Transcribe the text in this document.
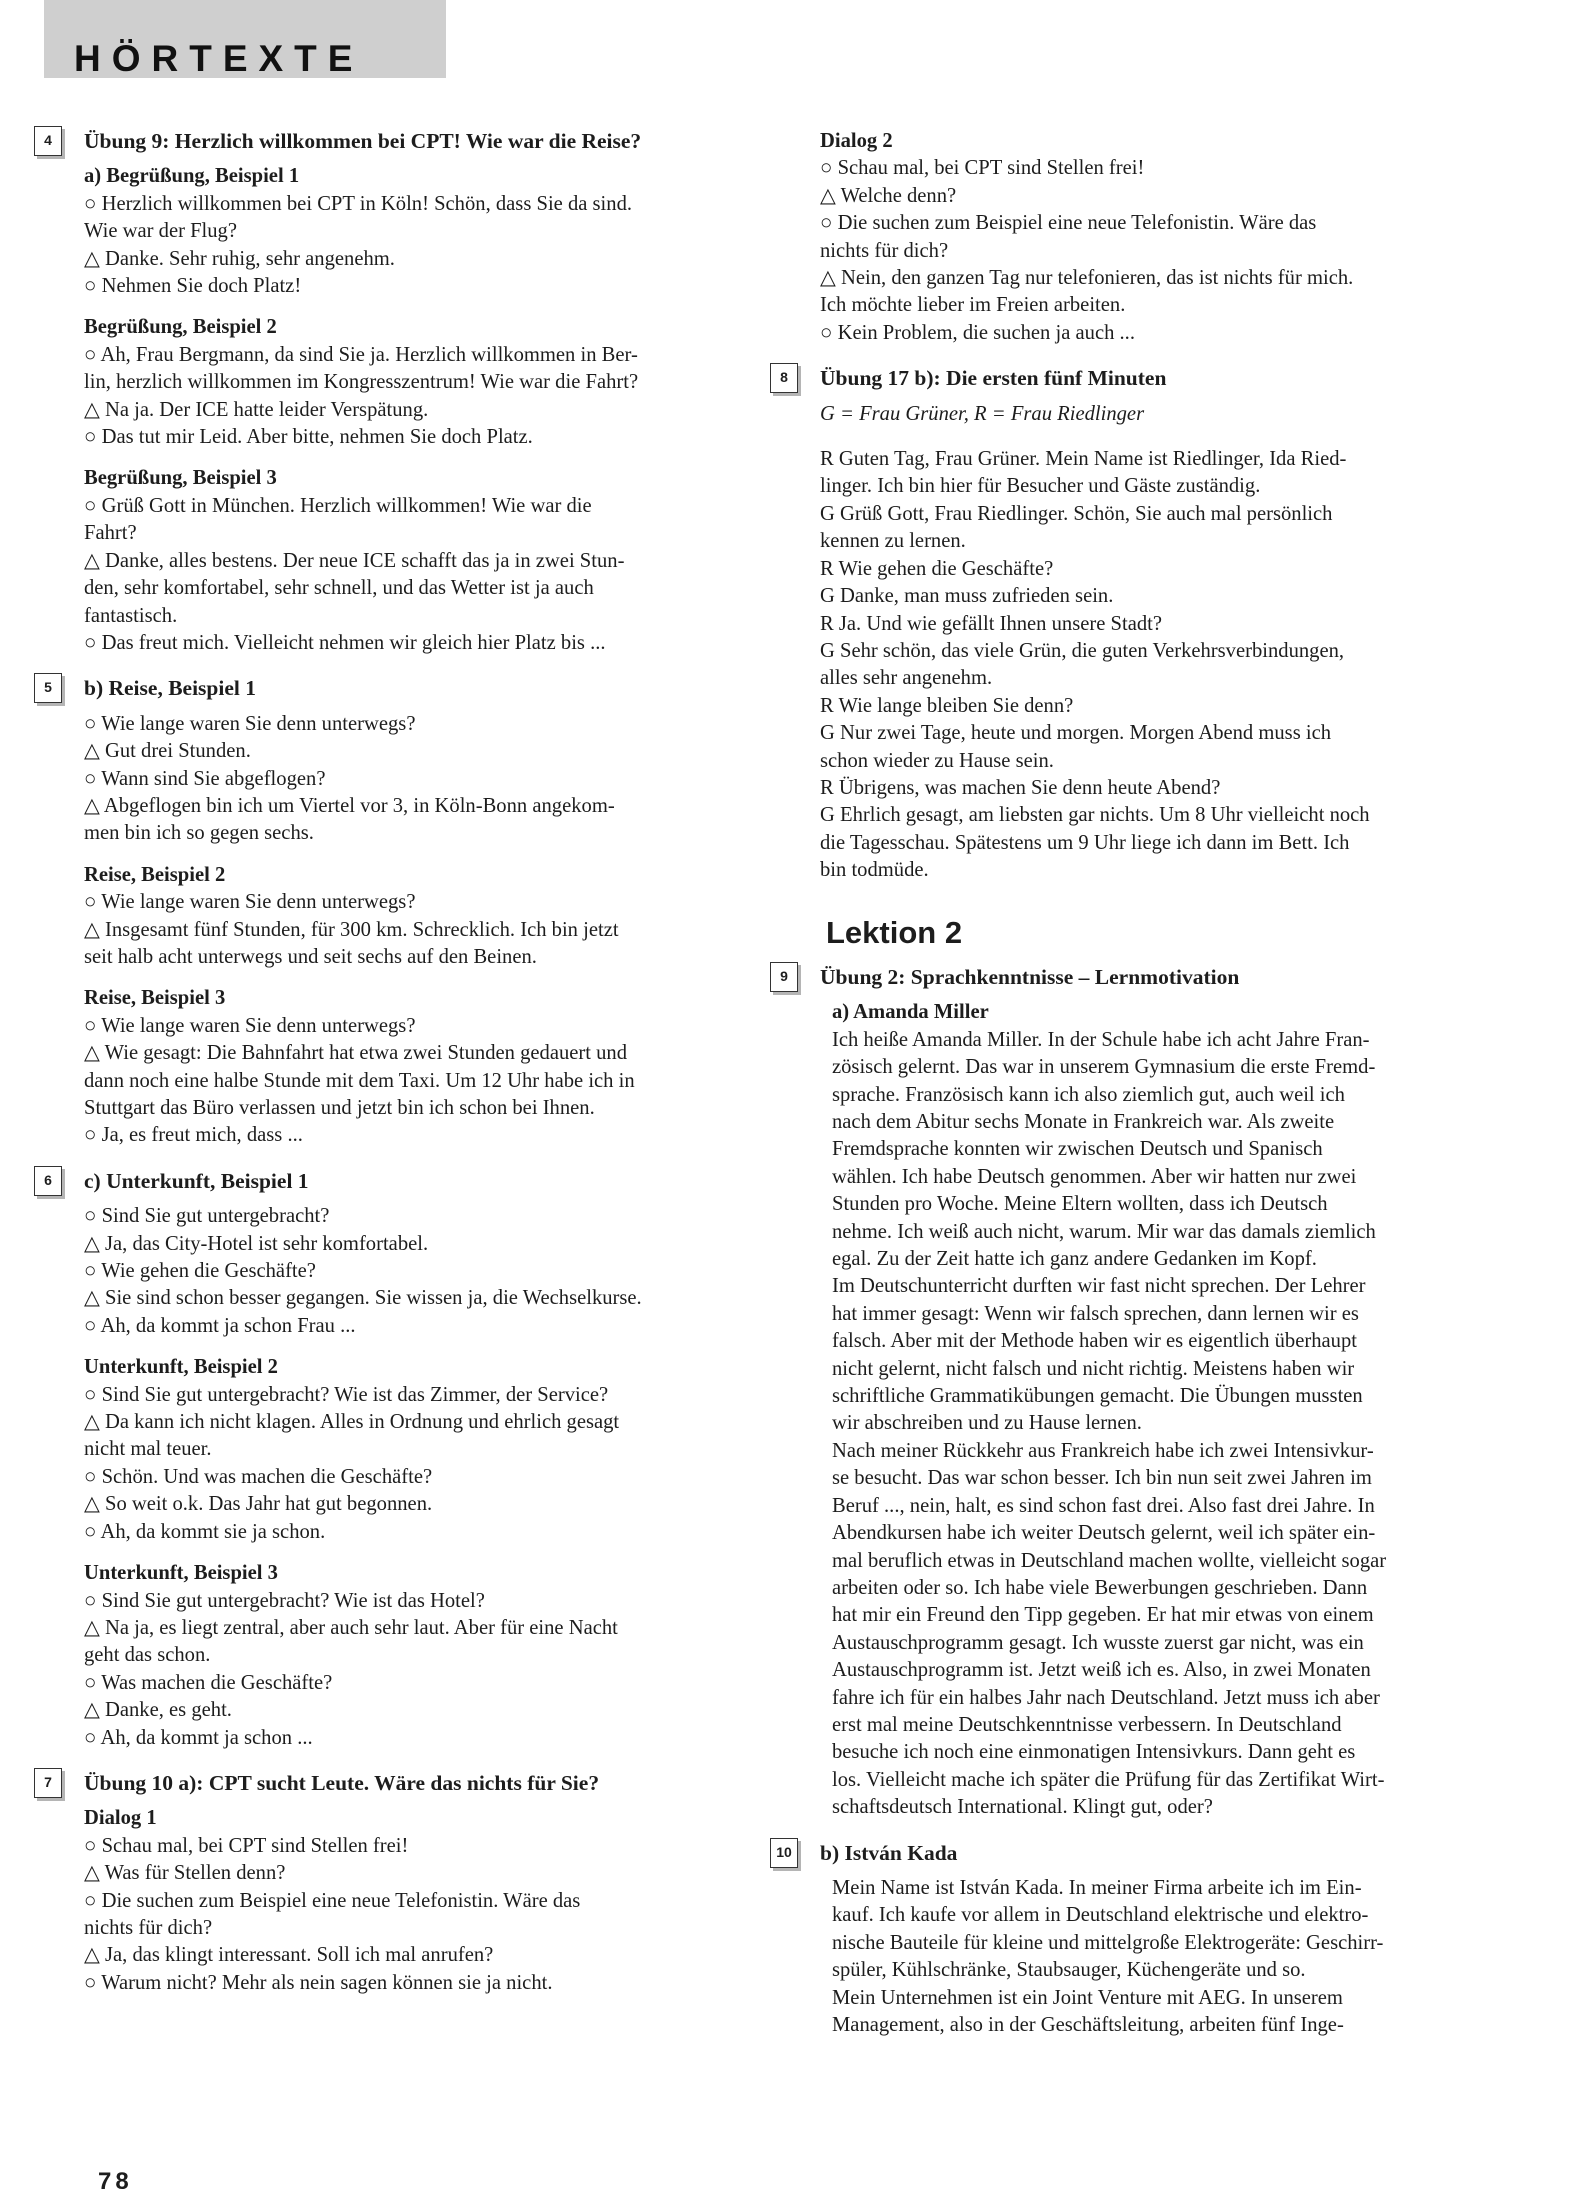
HÖRTEXTE
4	Übung 9: Herzlich willkommen bei CPT! Wie war die Reise?
a) Begrüßung, Beispiel 1
○ Herzlich willkommen bei CPT in Köln! Schön, dass Sie da sind.
Wie war der Flug?
△ Danke. Sehr ruhig, sehr angenehm.
○ Nehmen Sie doch Platz!
Begrüßung, Beispiel 2
○ Ah, Frau Bergmann, da sind Sie ja. Herzlich willkommen in Ber-
lin, herzlich willkommen im Kongresszentrum! Wie war die Fahrt?
△ Na ja. Der ICE hatte leider Verspätung.
○ Das tut mir Leid. Aber bitte, nehmen Sie doch Platz.
Begrüßung, Beispiel 3
○ Grüß Gott in München. Herzlich willkommen! Wie war die
Fahrt?
△ Danke, alles bestens. Der neue ICE schafft das ja in zwei Stun-
den, sehr komfortabel, sehr schnell, und das Wetter ist ja auch
fantastisch.
○ Das freut mich. Vielleicht nehmen wir gleich hier Platz bis ...
5	b) Reise, Beispiel 1
○ Wie lange waren Sie denn unterwegs?
△ Gut drei Stunden.
○ Wann sind Sie abgeflogen?
△ Abgeflogen bin ich um Viertel vor 3, in Köln-Bonn angekom-
men bin ich so gegen sechs.
Reise, Beispiel 2
○ Wie lange waren Sie denn unterwegs?
△ Insgesamt fünf Stunden, für 300 km. Schrecklich. Ich bin jetzt
seit halb acht unterwegs und seit sechs auf den Beinen.
Reise, Beispiel 3
○ Wie lange waren Sie denn unterwegs?
△ Wie gesagt: Die Bahnfahrt hat etwa zwei Stunden gedauert und
dann noch eine halbe Stunde mit dem Taxi. Um 12 Uhr habe ich in
Stuttgart das Büro verlassen und jetzt bin ich schon bei Ihnen.
○ Ja, es freut mich, dass ...
6	c) Unterkunft, Beispiel 1
○ Sind Sie gut untergebracht?
△ Ja, das City-Hotel ist sehr komfortabel.
○ Wie gehen die Geschäfte?
△ Sie sind schon besser gegangen. Sie wissen ja, die Wechselkurse.
○ Ah, da kommt ja schon Frau ...
Unterkunft, Beispiel 2
○ Sind Sie gut untergebracht? Wie ist das Zimmer, der Service?
△ Da kann ich nicht klagen. Alles in Ordnung und ehrlich gesagt
nicht mal teuer.
○ Schön. Und was machen die Geschäfte?
△ So weit o.k. Das Jahr hat gut begonnen.
○ Ah, da kommt sie ja schon.
Unterkunft, Beispiel 3
○ Sind Sie gut untergebracht? Wie ist das Hotel?
△ Na ja, es liegt zentral, aber auch sehr laut. Aber für eine Nacht
geht das schon.
○ Was machen die Geschäfte?
△ Danke, es geht.
○ Ah, da kommt ja schon ...
7	Übung 10 a): CPT sucht Leute. Wäre das nichts für Sie?
Dialog 1
○ Schau mal, bei CPT sind Stellen frei!
△ Was für Stellen denn?
○ Die suchen zum Beispiel eine neue Telefonistin. Wäre das
nichts für dich?
△ Ja, das klingt interessant. Soll ich mal anrufen?
○ Warum nicht? Mehr als nein sagen können sie ja nicht.
Dialog 2
○ Schau mal, bei CPT sind Stellen frei!
△ Welche denn?
○ Die suchen zum Beispiel eine neue Telefonistin. Wäre das
nichts für dich?
△ Nein, den ganzen Tag nur telefonieren, das ist nichts für mich.
Ich möchte lieber im Freien arbeiten.
○ Kein Problem, die suchen ja auch ...
8	Übung 17 b): Die ersten fünf Minuten
G = Frau Grüner, R = Frau Riedlinger
R Guten Tag, Frau Grüner. Mein Name ist Riedlinger, Ida Ried-
linger. Ich bin hier für Besucher und Gäste zuständig.
G Grüß Gott, Frau Riedlinger. Schön, Sie auch mal persönlich
kennen zu lernen.
R Wie gehen die Geschäfte?
G Danke, man muss zufrieden sein.
R Ja. Und wie gefällt Ihnen unsere Stadt?
G Sehr schön, das viele Grün, die guten Verkehrsverbindungen,
alles sehr angenehm.
R Wie lange bleiben Sie denn?
G Nur zwei Tage, heute und morgen. Morgen Abend muss ich
schon wieder zu Hause sein.
R Übrigens, was machen Sie denn heute Abend?
G Ehrlich gesagt, am liebsten gar nichts. Um 8 Uhr vielleicht noch
die Tagesschau. Spätestens um 9 Uhr liege ich dann im Bett. Ich
bin todmüde.
Lektion 2
9	Übung 2: Sprachkenntnisse – Lernmotivation
a) Amanda Miller
Ich heiße Amanda Miller. In der Schule habe ich acht Jahre Fran-
zösisch gelernt. Das war in unserem Gymnasium die erste Fremd-
sprache. Französisch kann ich also ziemlich gut, auch weil ich
nach dem Abitur sechs Monate in Frankreich war. Als zweite
Fremdsprache konnten wir zwischen Deutsch und Spanisch
wählen. Ich habe Deutsch genommen. Aber wir hatten nur zwei
Stunden pro Woche. Meine Eltern wollten, dass ich Deutsch
nehme. Ich weiß auch nicht, warum. Mir war das damals ziemlich
egal. Zu der Zeit hatte ich ganz andere Gedanken im Kopf.
Im Deutschunterricht durften wir fast nicht sprechen. Der Lehrer
hat immer gesagt: Wenn wir falsch sprechen, dann lernen wir es
falsch. Aber mit der Methode haben wir es eigentlich überhaupt
nicht gelernt, nicht falsch und nicht richtig. Meistens haben wir
schriftliche Grammatikübungen gemacht. Die Übungen mussten
wir abschreiben und zu Hause lernen.
Nach meiner Rückkehr aus Frankreich habe ich zwei Intensivkur-
se besucht. Das war schon besser. Ich bin nun seit zwei Jahren im
Beruf ..., nein, halt, es sind schon fast drei. Also fast drei Jahre. In
Abendkursen habe ich weiter Deutsch gelernt, weil ich später ein-
mal beruflich etwas in Deutschland machen wollte, vielleicht sogar
arbeiten oder so. Ich habe viele Bewerbungen geschrieben. Dann
hat mir ein Freund den Tipp gegeben. Er hat mir etwas von einem
Austauschprogramm gesagt. Ich wusste zuerst gar nicht, was ein
Austauschprogramm ist. Jetzt weiß ich es. Also, in zwei Monaten
fahre ich für ein halbes Jahr nach Deutschland. Jetzt muss ich aber
erst mal meine Deutschkenntnisse verbessern. In Deutschland
besuche ich noch eine einmonatigen Intensivkurs. Dann geht es
los. Vielleicht mache ich später die Prüfung für das Zertifikat Wirt-
schaftsdeutsch International. Klingt gut, oder?
10 b) István Kada
Mein Name ist István Kada. In meiner Firma arbeite ich im Ein-
kauf. Ich kaufe vor allem in Deutschland elektrische und elektro-
nische Bauteile für kleine und mittelgroße Elektrogeräte: Geschirr-
spüler, Kühlschränke, Staubsauger, Küchengeräte und so.
Mein Unternehmen ist ein Joint Venture mit AEG. In unserem
Management, also in der Geschäftsleitung, arbeiten fünf Inge-
78
